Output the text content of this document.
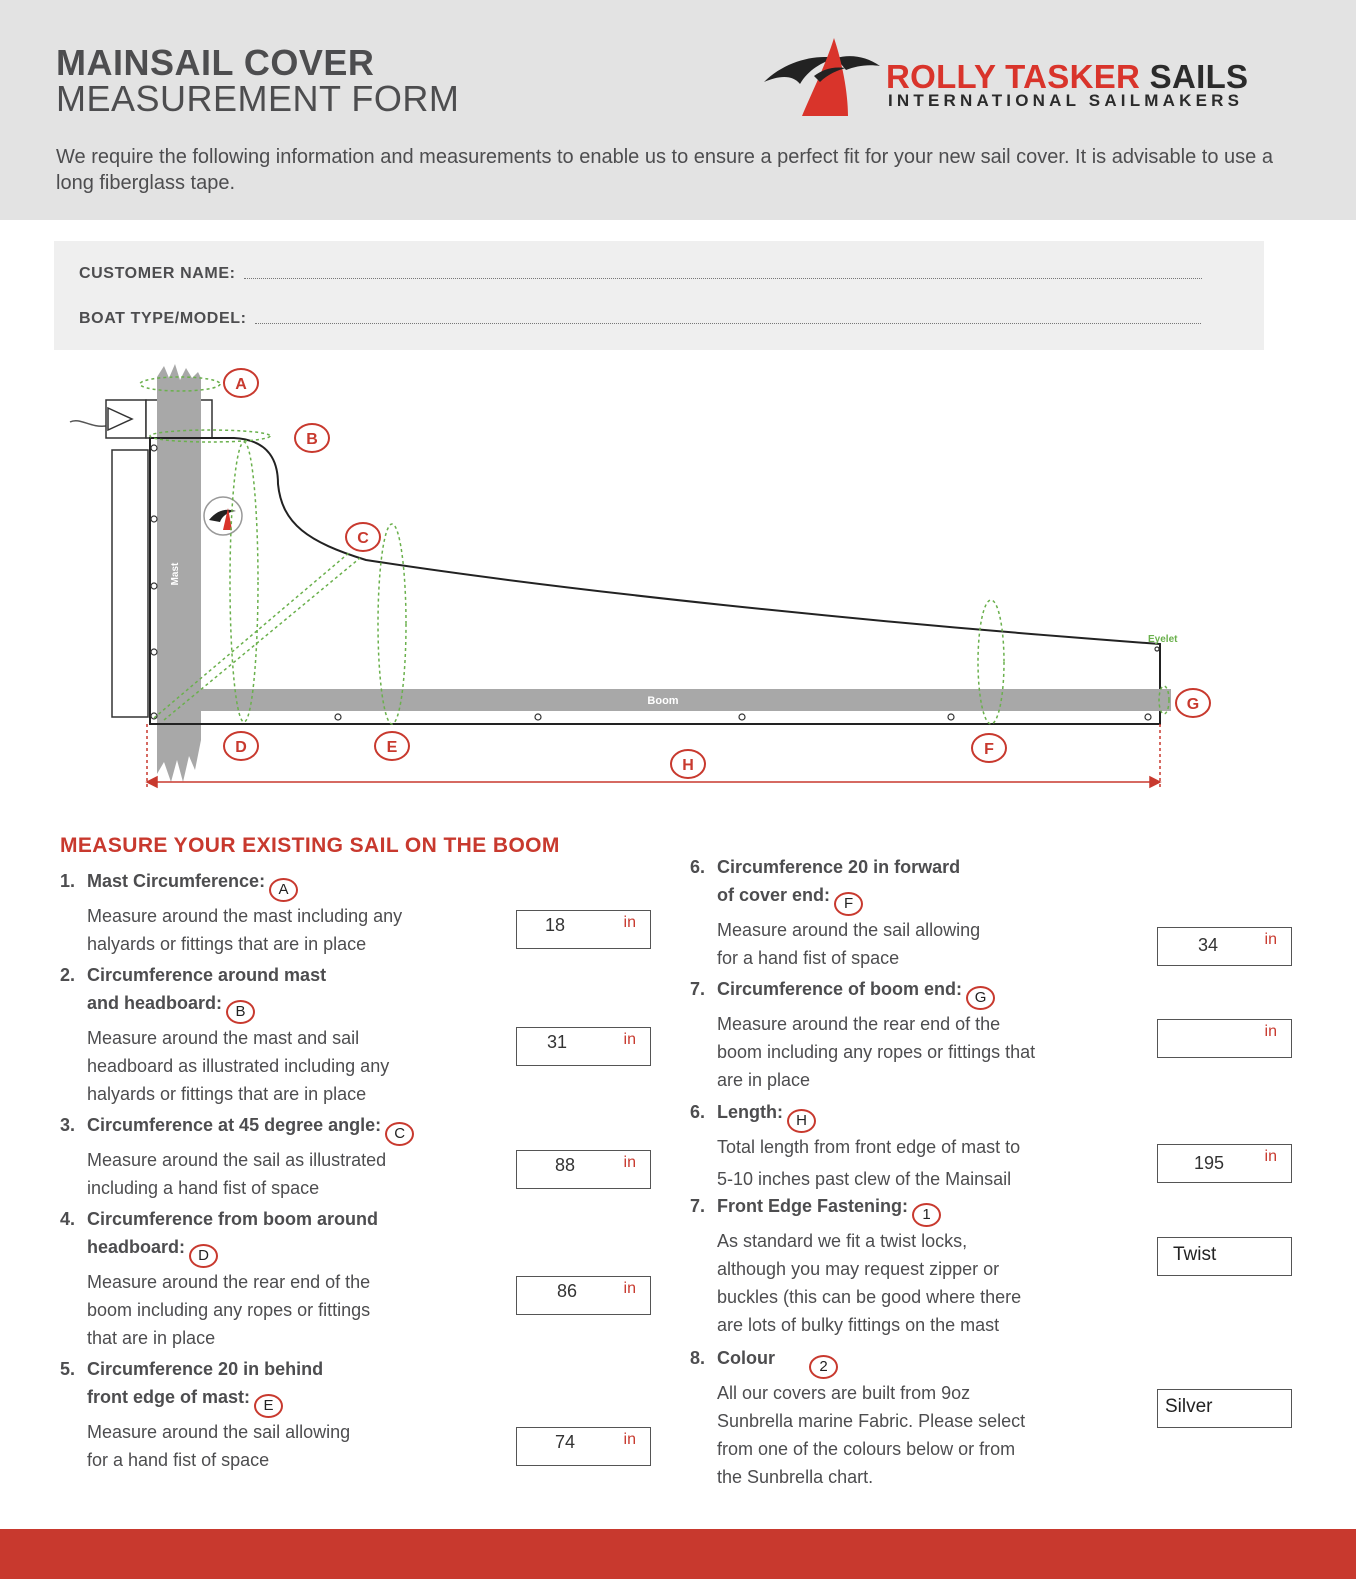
MAINSAIL COVER
MEASUREMENT FORM
ROLLY TASKER SAILS
INTERNATIONAL SAILMAKERS
We require the following information and measurements to enable us to ensure a perfect fit for your new sail cover. It is advisable to use a long fiberglass tape.
CUSTOMER NAME:
BOAT TYPE/MODEL:
Mast
Boom
Eyelet
A
B
C
D	E	F
G
H
MEASURE YOUR EXISTING SAIL ON THE BOOM
1. Mast Circumference: A
Measure around the mast including any
halyards or fittings that are in place
18	in
2. Circumference around mast
and headboard: B
Measure around the mast and sail
headboard as illustrated including any
halyards or fittings that are in place
31	in
3. Circumference at 45 degree angle: C
Measure around the sail as illustrated
including a hand fist of space
88	in
4. Circumference from boom around
headboard: D
Measure around the rear end of the
boom including any ropes or fittings
that are in place
86	in
5. Circumference 20 in behind
front edge of mast: E
Measure around the sail allowing
for a hand fist of space
74	in
6. Circumference 20 in forward
of cover end: F
Measure around the sail allowing
for a hand fist of space
34	in
7. Circumference of boom end: G
Measure around the rear end of the
boom including any ropes or fittings that
are in place
in
6. Length: H
Total length from front edge of mast to
5-10 inches past clew of the Mainsail
195	in
7. Front Edge Fastening: 1
As standard we fit a twist locks,
although you may request zipper or
buckles (this can be good where there
are lots of bulky fittings on the mast
Twist
8. Colour	2
All our covers are built from 9oz
Sunbrella marine Fabric. Please select
from one of the colours below or from
the Sunbrella chart.
Silver
